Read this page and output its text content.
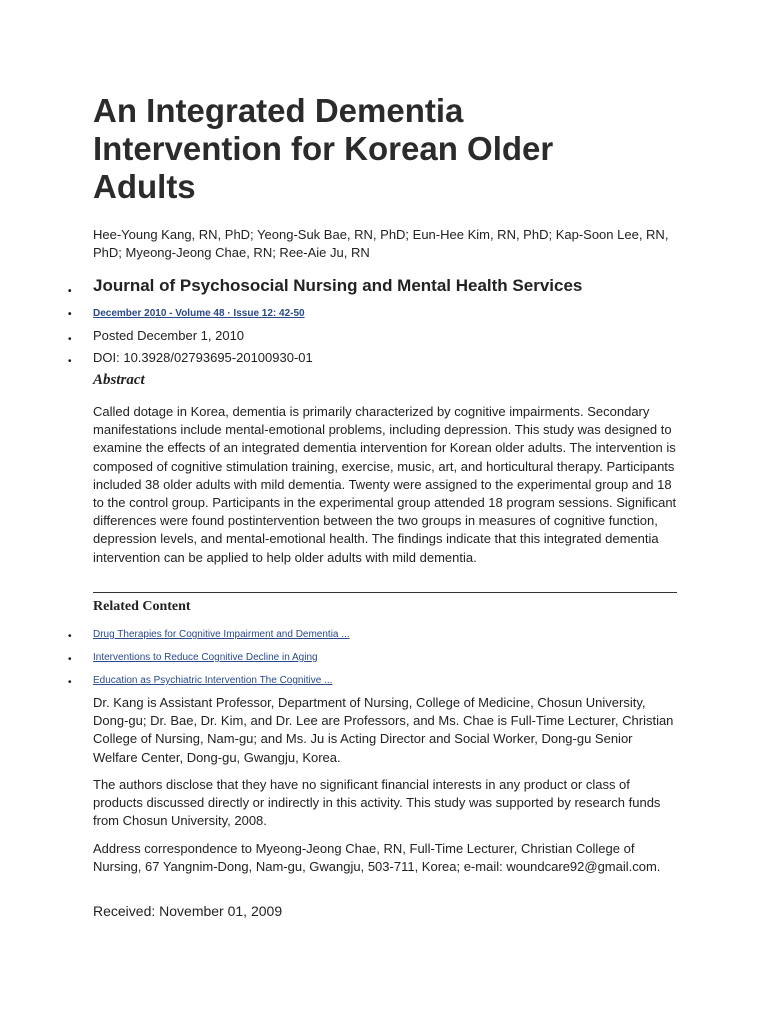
An Integrated Dementia Intervention for Korean Older Adults
Hee-Young Kang, RN, PhD; Yeong-Suk Bae, RN, PhD; Eun-Hee Kim, RN, PhD; Kap-Soon Lee, RN, PhD; Myeong-Jeong Chae, RN; Ree-Aie Ju, RN
• Journal of Psychosocial Nursing and Mental Health Services
• December 2010 - Volume 48 · Issue 12: 42-50
• Posted December 1, 2010
• DOI: 10.3928/02793695-20100930-01
Abstract

Called dotage in Korea, dementia is primarily characterized by cognitive impairments. Secondary manifestations include mental-emotional problems, including depression. This study was designed to examine the effects of an integrated dementia intervention for Korean older adults. The intervention is composed of cognitive stimulation training, exercise, music, art, and horticultural therapy. Participants included 38 older adults with mild dementia. Twenty were assigned to the experimental group and 18 to the control group. Participants in the experimental group attended 18 program sessions. Significant differences were found postintervention between the two groups in measures of cognitive function, depression levels, and mental-emotional health. The findings indicate that this integrated dementia intervention can be applied to help older adults with mild dementia.

Related Content
• Drug Therapies for Cognitive Impairment and Dementia ...
• Interventions to Reduce Cognitive Decline in Aging
• Education as Psychiatric Intervention The Cognitive ...

Dr. Kang is Assistant Professor, Department of Nursing, College of Medicine, Chosun University, Dong-gu; Dr. Bae, Dr. Kim, and Dr. Lee are Professors, and Ms. Chae is Full-Time Lecturer, Christian College of Nursing, Nam-gu; and Ms. Ju is Acting Director and Social Worker, Dong-gu Senior Welfare Center, Dong-gu, Gwangju, Korea.

The authors disclose that they have no significant financial interests in any product or class of products discussed directly or indirectly in this activity. This study was supported by research funds from Chosun University, 2008.

Address correspondence to Myeong-Jeong Chae, RN, Full-Time Lecturer, Christian College of Nursing, 67 Yangnim-Dong, Nam-gu, Gwangju, 503-711, Korea; e-mail: woundcare92@gmail.com.

Received: November 01, 2009
